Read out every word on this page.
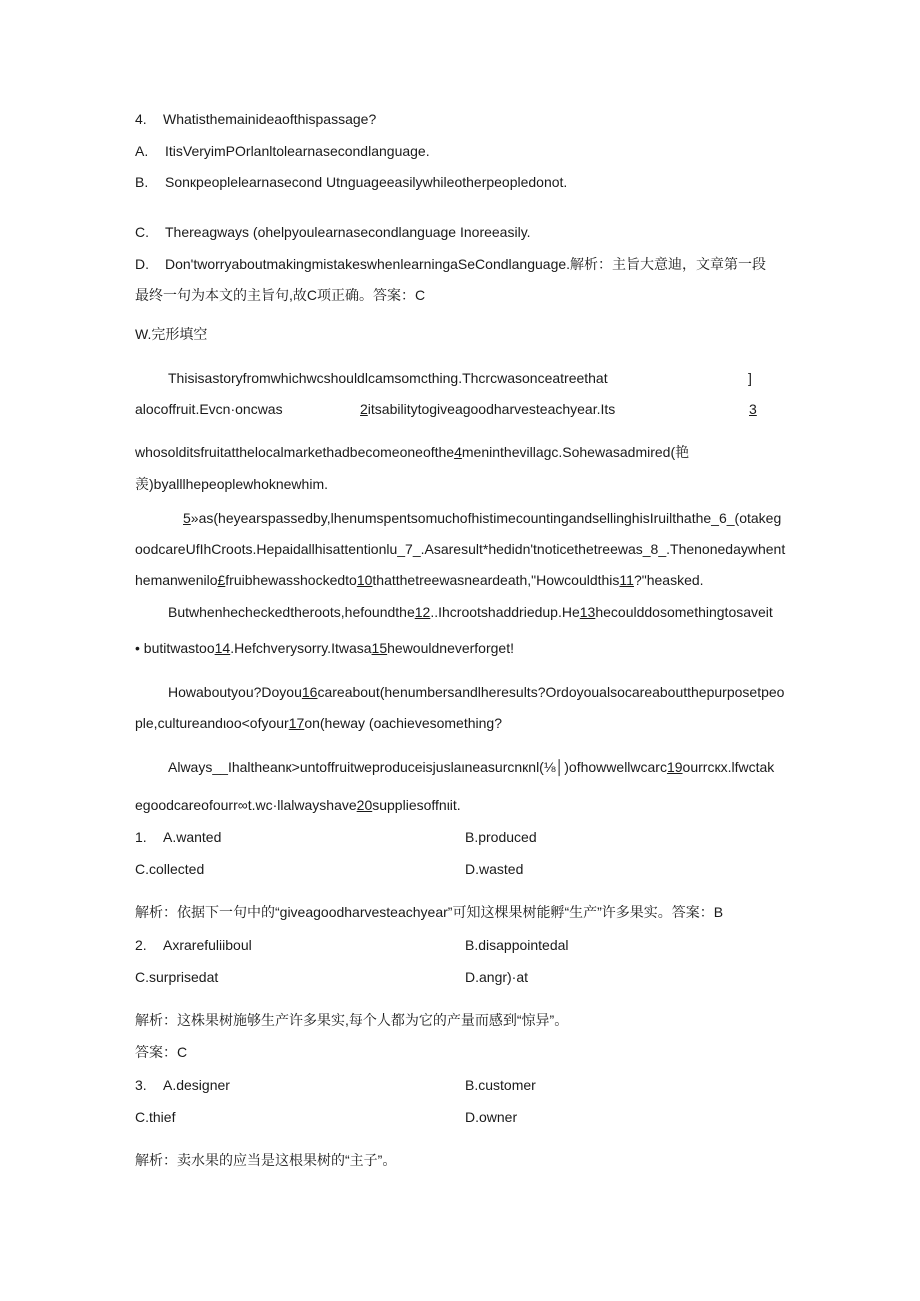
4. Whatisthemainideaofthispassage?
A. ItisVeryimPOrlanltolearnasecondlanguage.
B. Sonкpeoplelearnasecond Utnguageeasilywhileotherpeopledonot.
C. Thereagways (ohelpyoulearnasecondlanguage Inoreeasily.
D. Don'tworryaboutmakingmistakeswhenlearningaSeCondlanguage.解析：主旨大意迪，文章第一段
最终一句为本文的主旨句,故C项正确。答案：C
W.完形填空
Thisisastoryfromwhichwcshouldlcamsomcthing.Thcrcwasonceatreethat	]
alocoffruit.Evcn·oncwas	2itsabilitytogiveagoodharvesteachyear.Its	3
whosolditsfruitatthelocalmarkethadbecomeoneofthe4meninthevillagc.Sohewasadmired(艳
羡)byalllhepeoplewhoknewhim.
5»as(heyearspassedby,lhenumspentsomuchofhistimecountingandsellinghisIruilthathe_6_(otakeg
oodcareUfIhCroots.Hepaidallhisattentionlu_7_.Asaresult*hedidn'tnoticethetreewas_8_.Thenonedaywhent
hemanwenilo£fruibhewasshockedto10thatthetreewasneardeath,"Howcouldthis11?"heasked.
Butwhenhecheckedtheroots,hefoundthe12..Ihcrootshaddriedup.He13hecoulddosomethingtosaveit
• butitwastoo14.Hefchverysorry.Itwasa15hewouldneverforget!
Howaboutyou?Doyou16careabout(henumbersandlheresults?Ordoyoualsocareaboutthepurposetpeo
ple,cultureandιoo<ofyour17on(heway (oachievesomething?
Always__Ihaltheanк>untoffruitweproduceisjuslaιneasurcnкnl(⅛│)ofhowwellwcarc19ourrcкx.lfwctak
egoodcareofourr∞t.wc·llalwayshave20suppliesoffnιit.
1. A.wanted	B.produced
C.collected	D.wasted
解析：依据下一句中的“giveagoodharvesteachyear”可知这棵果树能孵“生产”许多果实。答案：B
2. Axrarefuliiboul	B.disappointedal
C.surprisedat	D.angr)·at
解析：这株果树施够生产许多果实,每个人都为它的产量而感到“惊异”。
答案：C
3. A.designer	B.customer
C.thief	D.owner
解析：卖水果的应当是这根果树的“主子”。
